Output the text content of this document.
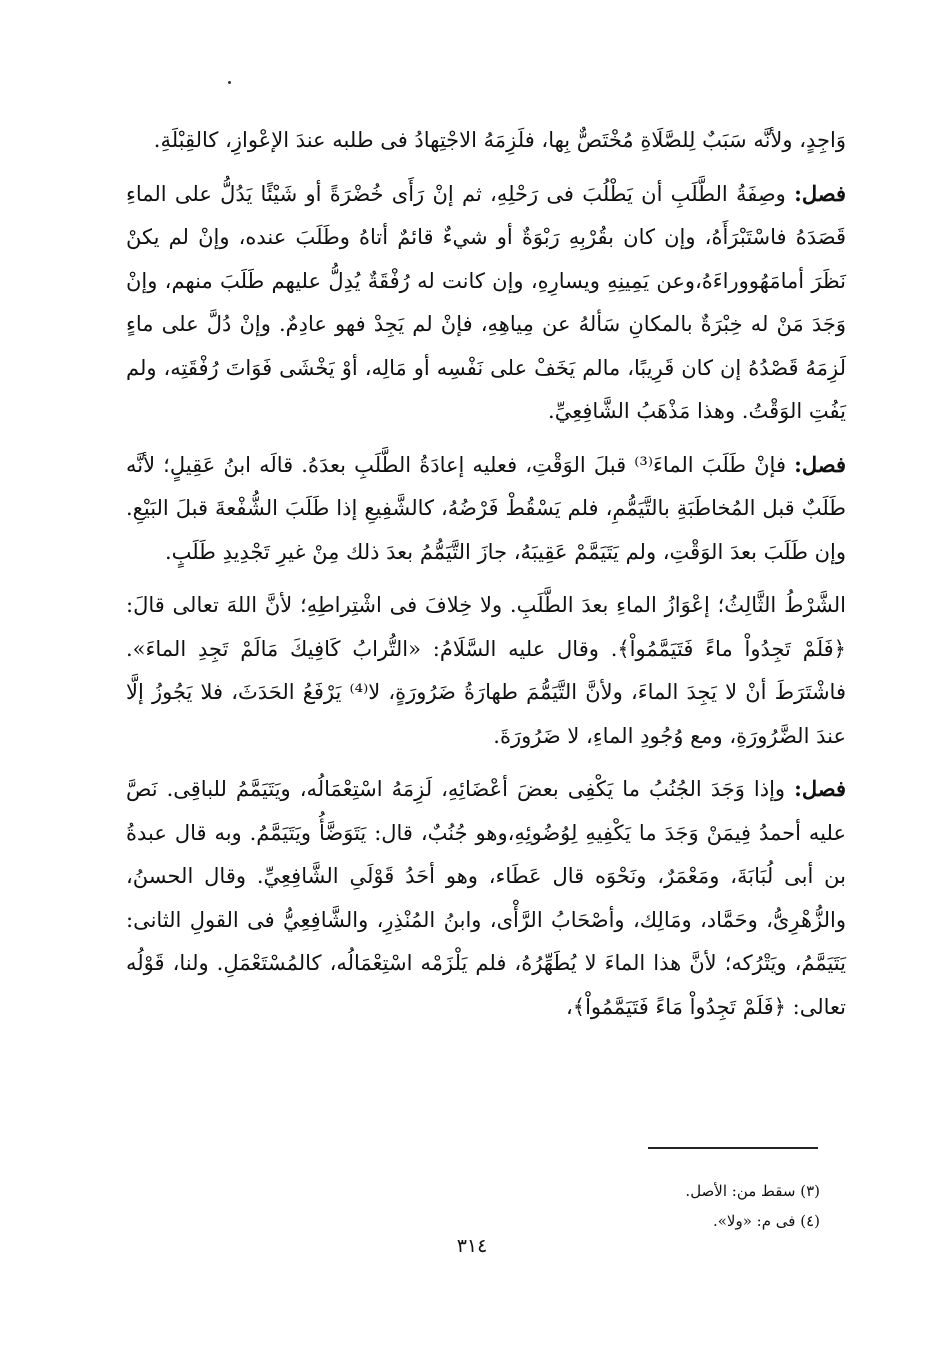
وَاجِدٍ، ولأنَّه سَبَبٌ لِلصَّلَاةِ مُخْتَصٌّ بِها، فلَزِمَهُ الاجْتِهادُ فى طلبه عندَ الإعْوازِ، كالقِبْلَةِ.

فصل: وصِفَةُ الطَّلَبِ أن يَطْلُبَ فى رَحْلِهِ، ثم إنْ رَأَى خُضْرَةً أو شَيْئًا يَدُلُّ على الماءِ قَصَدَهُ فاسْتَبْرَأَهُ، وإن كان بقُرْبِهِ رَبْوَةٌ أو شيءٌ قائمٌ أتاهُ وطَلَبَ عنده، وإنْ لم يكنْ نَظَرَ أمامَهُووراءَهُ،وعن يَمِينِهِ ويسارِهِ، وإن كانت له رُفْقَةٌ يُدِلُّ عليهم طَلَبَ منهم، وإنْ وَجَدَ مَنْ له خِبْرَةٌ بالمكانِ سَألهُ عن مِياهِهِ، فإنْ لم يَجِدْ فهو عادِمٌ. وإنْ دُلَّ على ماءٍ لَزِمَهُ قَصْدُهُ إن كان قَرِيبًا، مالم يَخَفْ على نَفْسِه أو مَالِه، أوْ يَخْشَى فَوَاتَ رُفْقَتِه، ولم يَفُتِ الوَقْتُ. وهذا مَذْهَبُ الشَّافِعِيِّ.

فصل: فإنْ طَلَبَ الماءَ⁽³⁾ قبلَ الوَقْتِ، فعليه إعادَةُ الطَّلَبِ بعدَهُ. قالَه ابنُ عَقِيلٍ؛ لأنَّه طَلَبٌ قبل المُخاطَبَةِ بالتَّيَمُّمِ، فلم يَسْقُطْ فَرْضُهُ، كالشَّفِيعِ إذا طَلَبَ الشُّفْعةَ قبلَ البَيْعِ. وإن طَلَبَ بعدَ الوَقْتِ، ولم يَتَيَمَّمْ عَقِيبَهُ، جازَ التَّيَمُّمُ بعدَ ذلك مِنْ غيرِ تَجْدِيدِ طَلَبٍ.

الشَّرْطُ الثَّالِثُ؛ إعْوَازُ الماءِ بعدَ الطَّلَبِ. ولا خِلافَ فى اشْتِراطِهِ؛ لأنَّ اللهَ تعالى قالَ: ﴿فَلَمْ تَجِدُواْ ماءً فَتَيَمَّمُواْ﴾. وقال عليه السَّلَامُ: «التُّرابُ كَافِيكَ مَالَمْ تَجِدِ الماءَ». فاشْتَرَطَ أنْ لا يَجِدَ الماءَ، ولأنَّ التَّيَمُّمَ طهارَةُ ضَرُورَةٍ، لا⁽⁴⁾ يَرْفَعُ الحَدَثَ، فلا يَجُوزُ إلَّا عندَ الضَّرُورَةِ، ومع وُجُودِ الماءِ، لا ضَرُورَةَ.

فصل: وإذا وَجَدَ الجُنُبُ ما يَكْفِى بعضَ أعْضَائِهِ، لَزِمَهُ اسْتِعْمَالُه، ويَتَيَمَّمُ للباقِى. نَصَّ عليه أحمدُ فِيمَنْ وَجَدَ ما يَكْفِيهِ لِوُضُوئِهِ،وهو جُنُبٌ، قال: يَتَوَضَّأُ ويَتَيَمَّمُ. وبه قال عبدةُ بن أبى لُبَابَةَ، ومَعْمَرٌ، ونَحْوَه قال عَطَاء، وهو أحَدُ قَوْلَىِ الشَّافِعِيِّ. وقال الحسنُ، والزُّهْرِىُّ، وحَمَّاد، ومَالِك، وأصْحَابُ الرَّأْى، وابنُ المُنْذِرِ، والشَّافِعِيُّ فى القولِ الثانى: يَتَيَمَّمُ، ويَتْرُكه؛ لأنَّ هذا الماءَ لا يُطَهِّرُهُ، فلم يَلْزَمْه اسْتِعْمَالُه، كالمُسْتَعْمَلِ. ولنا، قَوْلُه تعالى: ﴿فَلَمْ تَجِدُواْ مَاءً فَتَيَمَّمُواْ﴾،

(٣) سقط من: الأصل.
(٤) فى م: «ولا».
٣١٤
